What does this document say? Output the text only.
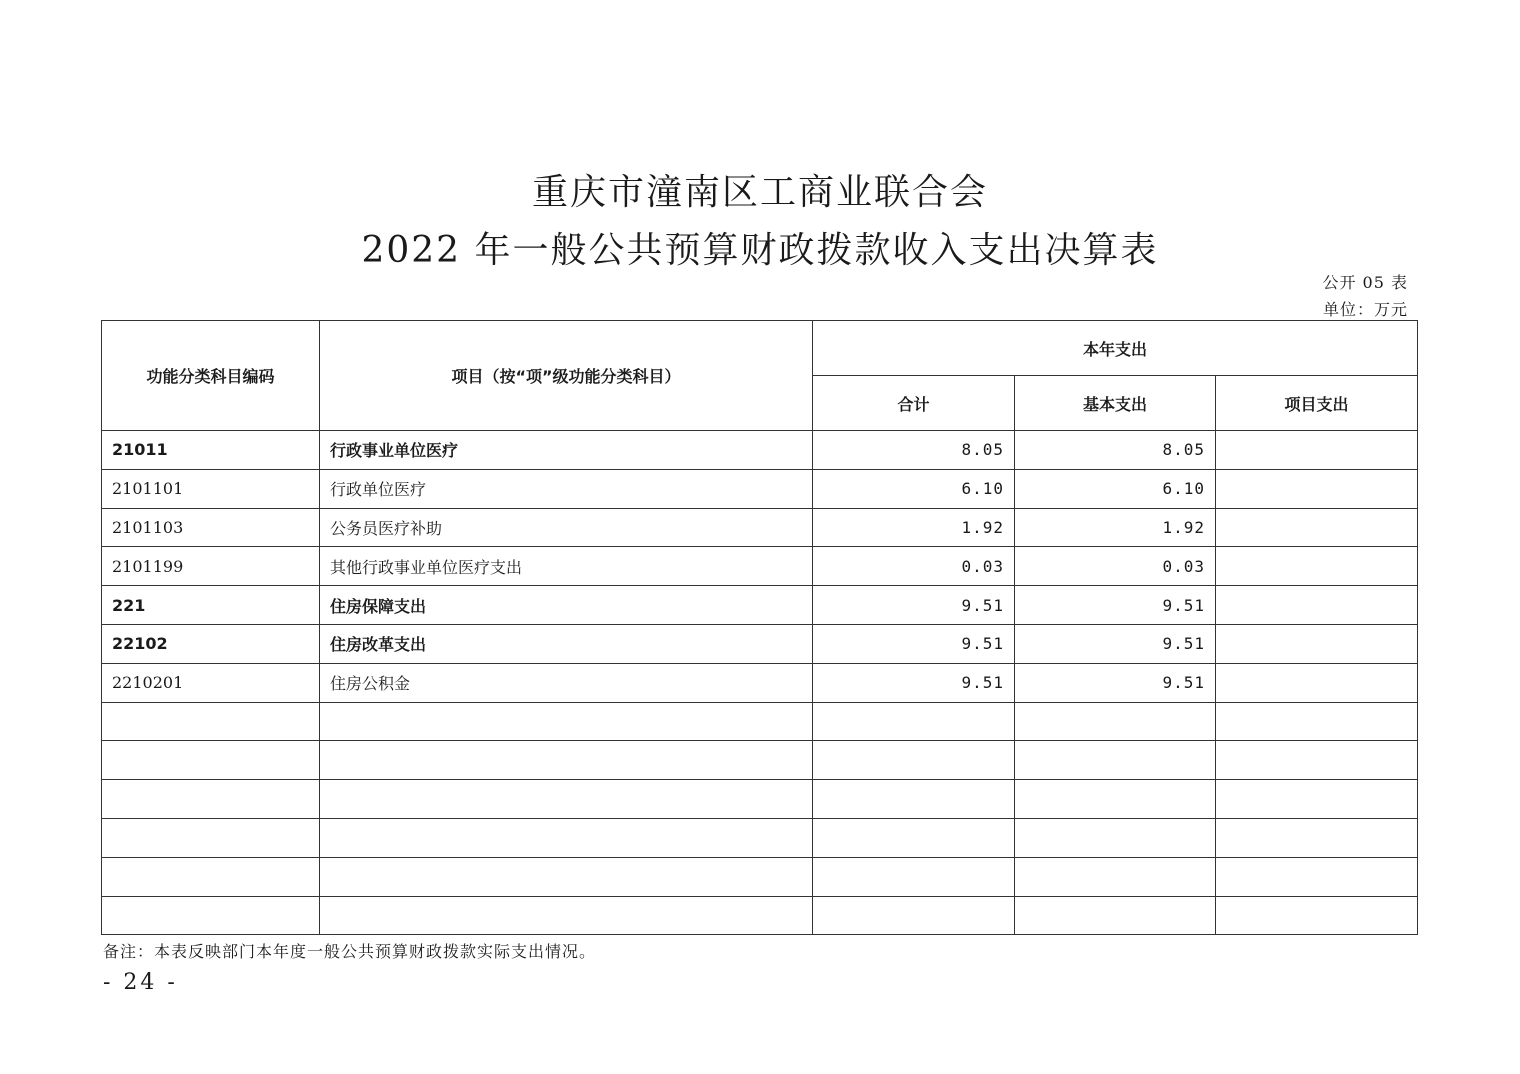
重庆市潼南区工商业联合会
2022 年一般公共预算财政拨款收入支出决算表
公开 05 表
单位：万元
功能分类科目编码	项目（按“项”级功能分类科目）	本年支出		
		合计	基本支出	项目支出
21011	行政事业单位医疗	8.05	8.05	
2101101	行政单位医疗	6.10	6.10	
2101103	公务员医疗补助	1.92	1.92	
2101199	其他行政事业单位医疗支出	0.03	0.03	
221	住房保障支出	9.51	9.51	
22102	住房改革支出	9.51	9.51	
2210201	住房公积金	9.51	9.51	

备注：本表反映部门本年度一般公共预算财政拨款实际支出情况。
- 24 -
